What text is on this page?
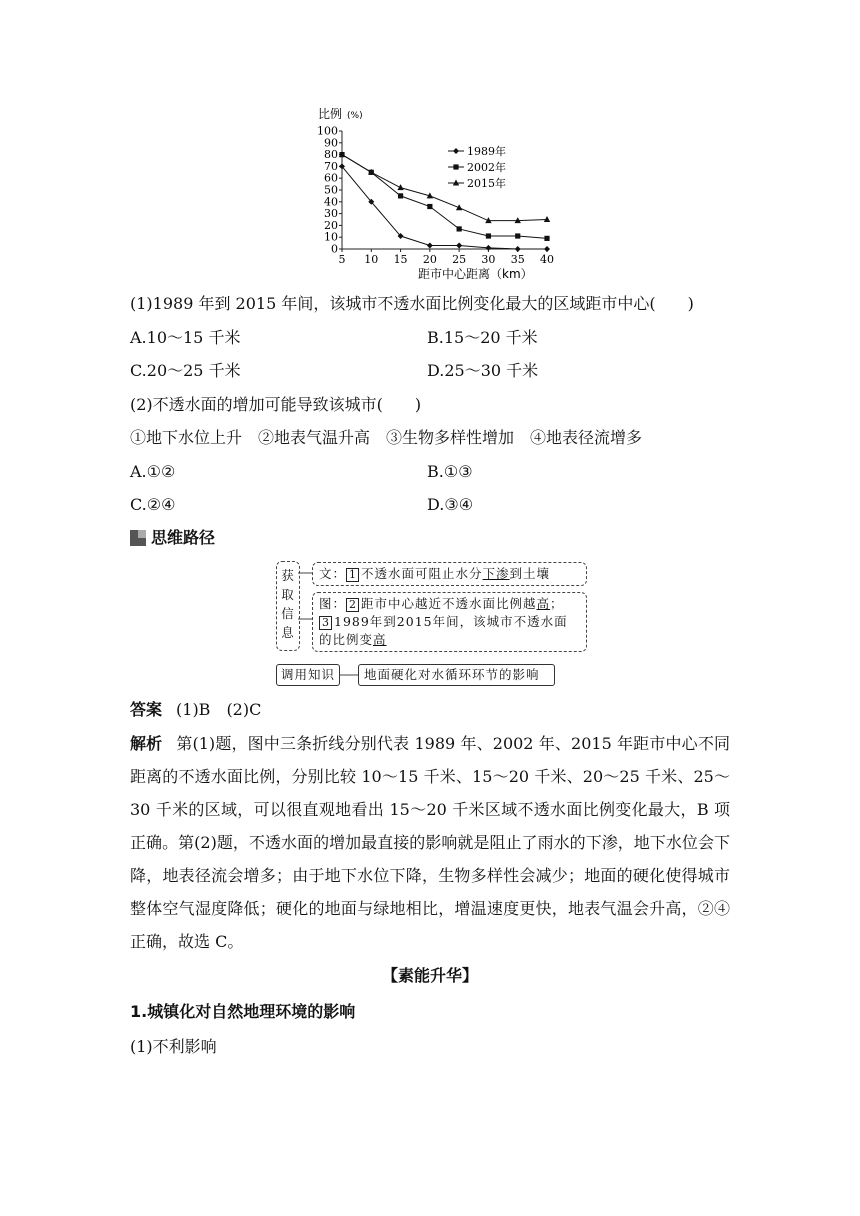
0
10
20
30
40
50
60
70
80
90
100
5 10 15 20 25 30 35 40
1989年
2002年
2015年
比例 (%)
距市中心距离（km）
(1)1989 年到 2015 年间，该城市不透水面比例变化最大的区域距市中心(　　)
A.10～15 千米	B.15～20 千米
C.20～25 千米	D.25～30 千米
(2)不透水面的增加可能导致该城市(　　)
①地下水位上升　②地表气温升高　③生物多样性增加　④地表径流增多
A.①②	B.①③
C.②④	D.③④
思维路径
获
取
信
息
文： 1 不透水面可阻止水分下渗到土壤
图： 2 距市中心越近不透水面比例越高；
3 1989年到2015年间，该城市不透水面
的比例变高
调用知识 地面硬化对水循环环节的影响
答案 (1)B　(2)C
解析 第(1)题，图中三条折线分别代表 1989 年、2002 年、2015 年距市中心不同距离的不透水面比例，分别比较 10～15 千米、15～20 千米、20～25 千米、25～30 千米的区域，可以很直观地看出 15～20 千米区域不透水面比例变化最大，B 项正确。第(2)题，不透水面的增加最直接的影响就是阻止了雨水的下渗，地下水位会下降，地表径流会增多；由于地下水位下降，生物多样性会减少；地面的硬化使得城市整体空气湿度降低；硬化的地面与绿地相比，增温速度更快，地表气温会升高，②④正确，故选 C。
【素能升华】
1.城镇化对自然地理环境的影响
(1)不利影响
